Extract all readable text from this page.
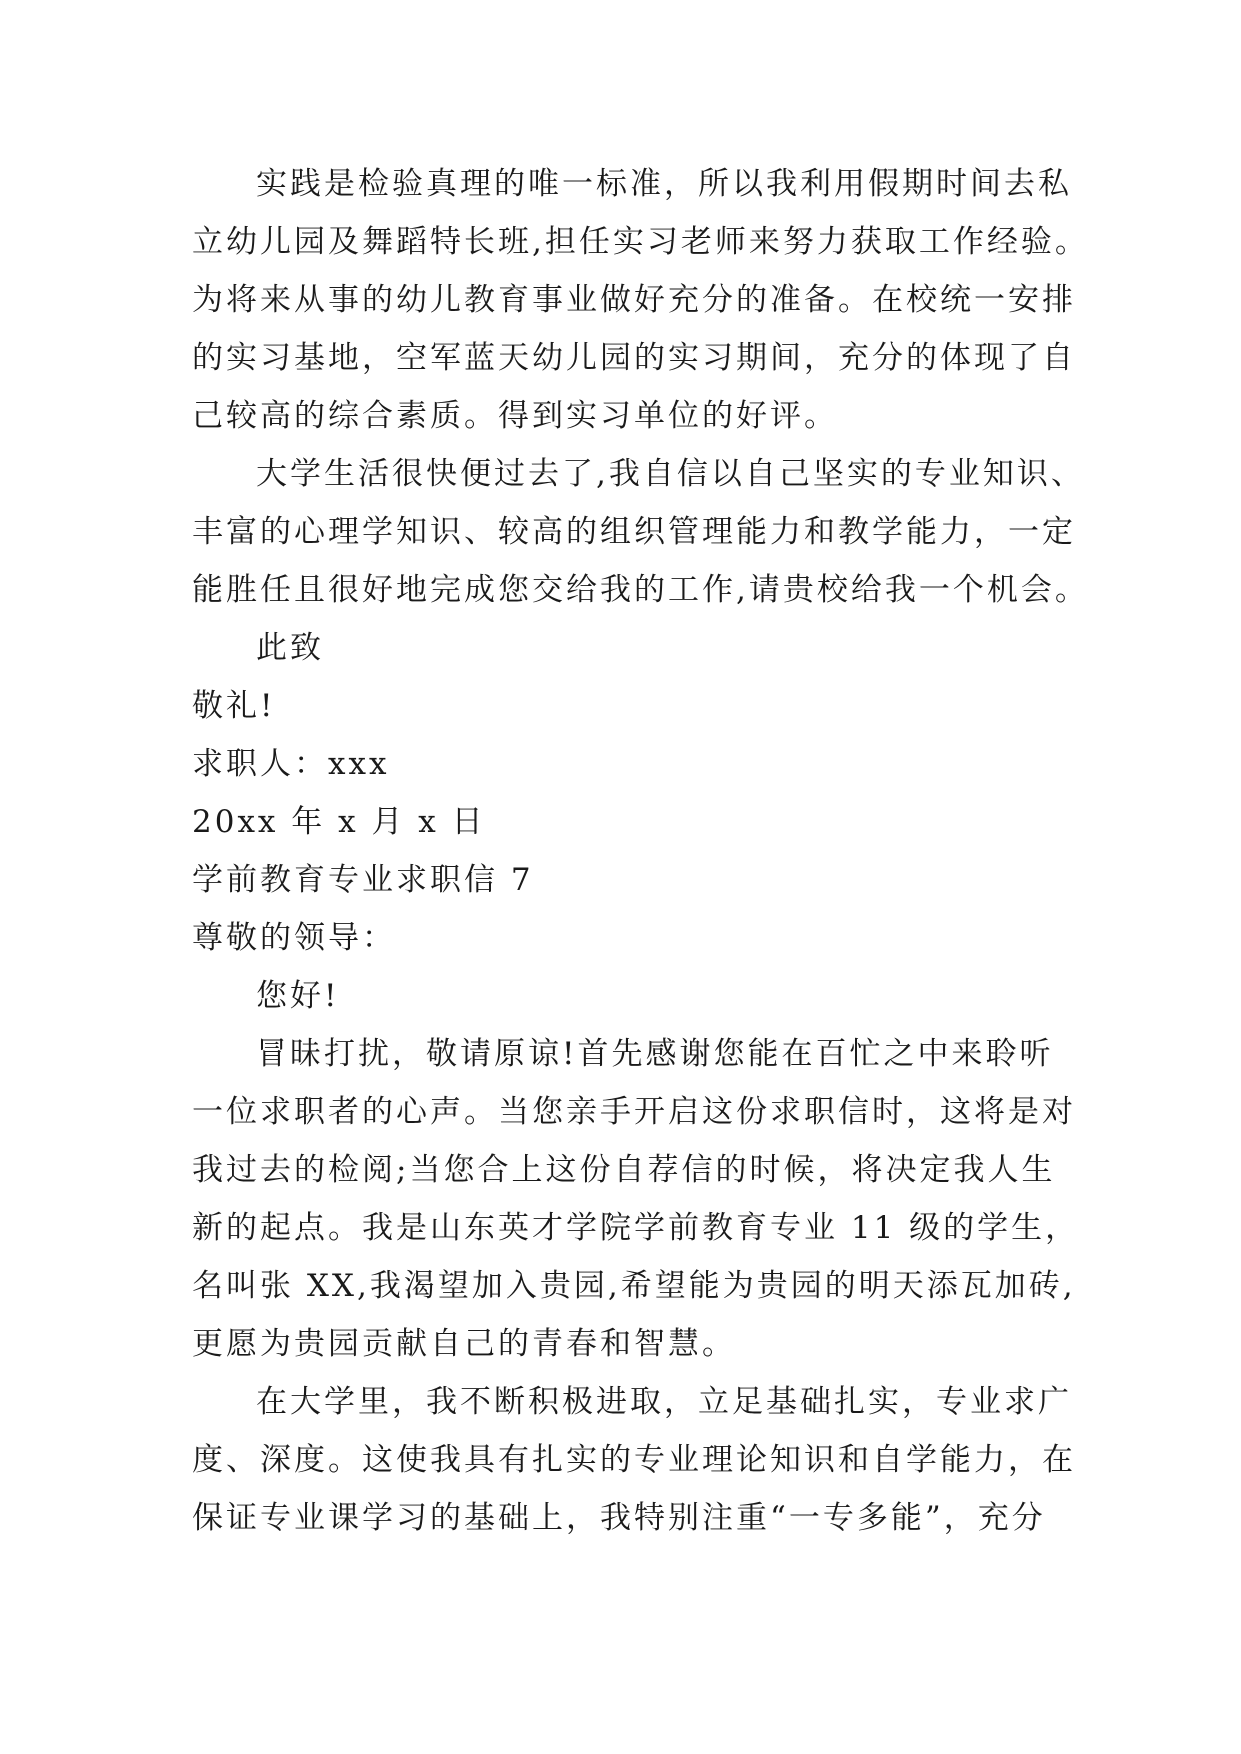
实践是检验真理的唯一标准，所以我利用假期时间去私
立幼儿园及舞蹈特长班,担任实习老师来努力获取工作经验。
为将来从事的幼儿教育事业做好充分的准备。在校统一安排
的实习基地，空军蓝天幼儿园的实习期间，充分的体现了自
己较高的综合素质。得到实习单位的好评。
大学生活很快便过去了,我自信以自己坚实的专业知识、
丰富的心理学知识、较高的组织管理能力和教学能力，一定
能胜任且很好地完成您交给我的工作,请贵校给我一个机会。
此致
敬礼!
求职人：xxx
20xx 年 x 月 x 日
学前教育专业求职信 7
尊敬的领导：
您好!
冒昧打扰，敬请原谅!首先感谢您能在百忙之中来聆听
一位求职者的心声。当您亲手开启这份求职信时，这将是对
我过去的检阅;当您合上这份自荐信的时候，将决定我人生
新的起点。我是山东英才学院学前教育专业 11 级的学生，
名叫张 XX,我渴望加入贵园,希望能为贵园的明天添瓦加砖,
更愿为贵园贡献自己的青春和智慧。
在大学里，我不断积极进取，立足基础扎实，专业求广
度、深度。这使我具有扎实的专业理论知识和自学能力，在
保证专业课学习的基础上，我特别注重“一专多能”，充分
